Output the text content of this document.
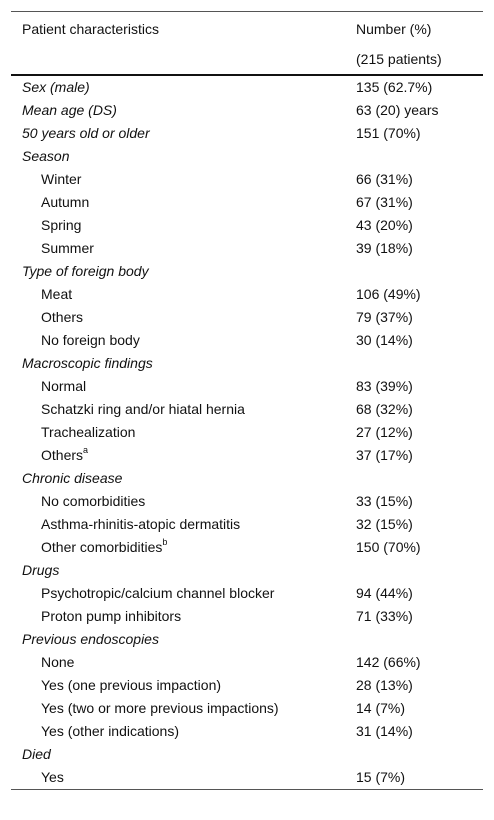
Patient characteristics	Number (%)
(215 patients)
Sex (male)	135 (62.7%)
Mean age (DS)	63 (20) years
50 years old or older	151 (70%)
Season
Winter	66 (31%)
Autumn	67 (31%)
Spring	43 (20%)
Summer	39 (18%)
Type of foreign body
Meat	106 (49%)
Others	79 (37%)
No foreign body	30 (14%)
Macroscopic findings
Normal	83 (39%)
Schatzki ring and/or hiatal hernia	68 (32%)
Trachealization	27 (12%)
Others$^a$	37 (17%)
Chronic disease
No comorbidities	33 (15%)
Asthma-rhinitis-atopic dermatitis	32 (15%)
Other comorbidities$^b$	150 (70%)
Drugs
Psychotropic/calcium channel blocker	94 (44%)
Proton pump inhibitors	71 (33%)
Previous endoscopies
None	142 (66%)
Yes (one previous impaction)	28 (13%)
Yes (two or more previous impactions)	14 (7%)
Yes (other indications)	31 (14%)
Died
Yes	15 (7%)
